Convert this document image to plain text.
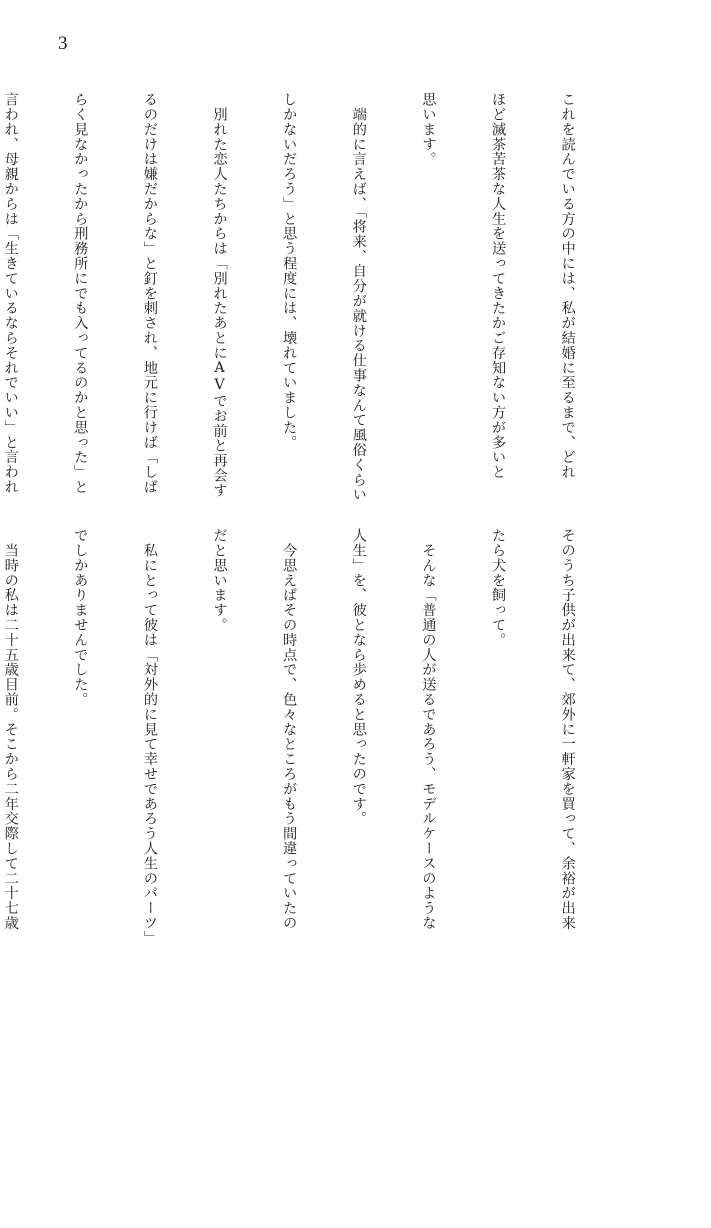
3

これを読んでいる方の中には、私が結婚に至るまで、どれ

ほど滅茶苦茶な人生を送ってきたかご存知ない方が多いと

思います。

　端的に言えば、「将来、自分が就ける仕事なんて風俗くらい

しかないだろう」と思う程度には、壊れていました。

　別れた恋人たちからは「別れたあとにAVでお前と再会す

るのだけは嫌だからな」と釘を刺され、地元に行けば「しば

らく見なかったから刑務所にでも入ってるのかと思った」と

言われ、母親からは「生きているならそれでいい」と言われ

そのうち子供が出来て、郊外に一軒家を買って、余裕が出来

たら犬を飼って。

　そんな「普通の人が送るであろう、モデルケースのような

人生」を、彼となら歩めると思ったのです。

　今思えばその時点で、色々なところがもう間違っていたの

だと思います。

　私にとって彼は「対外的に見て幸せであろう人生のパーツ」

でしかありませんでした。

　当時の私は二十五歳目前。そこから二年交際して二十七歳
